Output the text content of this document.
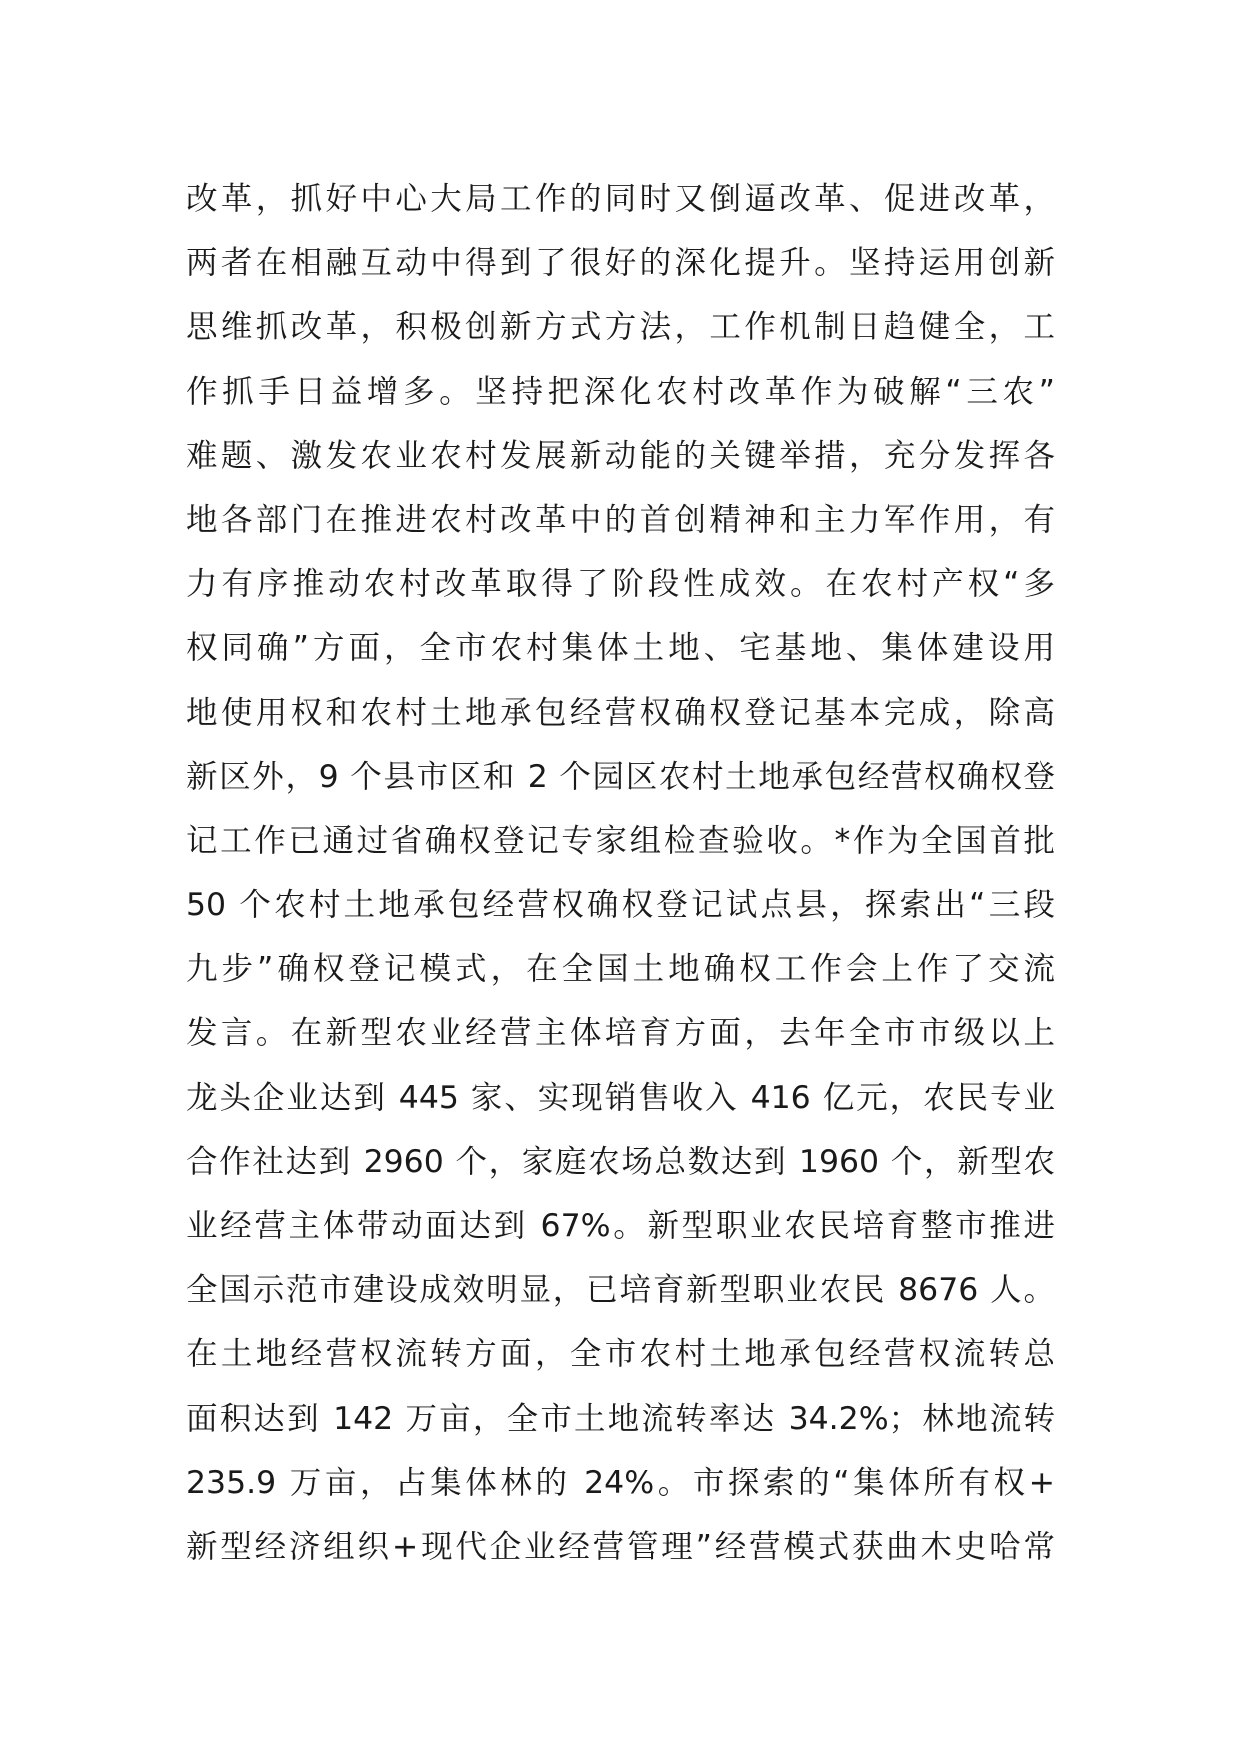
改革，抓好中心大局工作的同时又倒逼改革、促进改革，
两者在相融互动中得到了很好的深化提升。坚持运用创新
思维抓改革，积极创新方式方法，工作机制日趋健全，工
作抓手日益增多。坚持把深化农村改革作为破解“三农”
难题、激发农业农村发展新动能的关键举措，充分发挥各
地各部门在推进农村改革中的首创精神和主力军作用，有
力有序推动农村改革取得了阶段性成效。在农村产权“多
权同确”方面，全市农村集体土地、宅基地、集体建设用
地使用权和农村土地承包经营权确权登记基本完成，除高
新区外，9 个县市区和 2 个园区农村土地承包经营权确权登
记工作已通过省确权登记专家组检查验收。*作为全国首批
50 个农村土地承包经营权确权登记试点县，探索出“三段
九步”确权登记模式，在全国土地确权工作会上作了交流
发言。在新型农业经营主体培育方面，去年全市市级以上
龙头企业达到 445 家、实现销售收入 416 亿元，农民专业
合作社达到 2960 个，家庭农场总数达到 1960 个，新型农
业经营主体带动面达到 67%。新型职业农民培育整市推进
全国示范市建设成效明显，已培育新型职业农民 8676 人。
在土地经营权流转方面，全市农村土地承包经营权流转总
面积达到 142 万亩，全市土地流转率达 34.2%；林地流转
235.9 万亩，占集体林的 24%。市探索的“集体所有权+
新型经济组织+现代企业经营管理”经营模式获曲木史哈常
